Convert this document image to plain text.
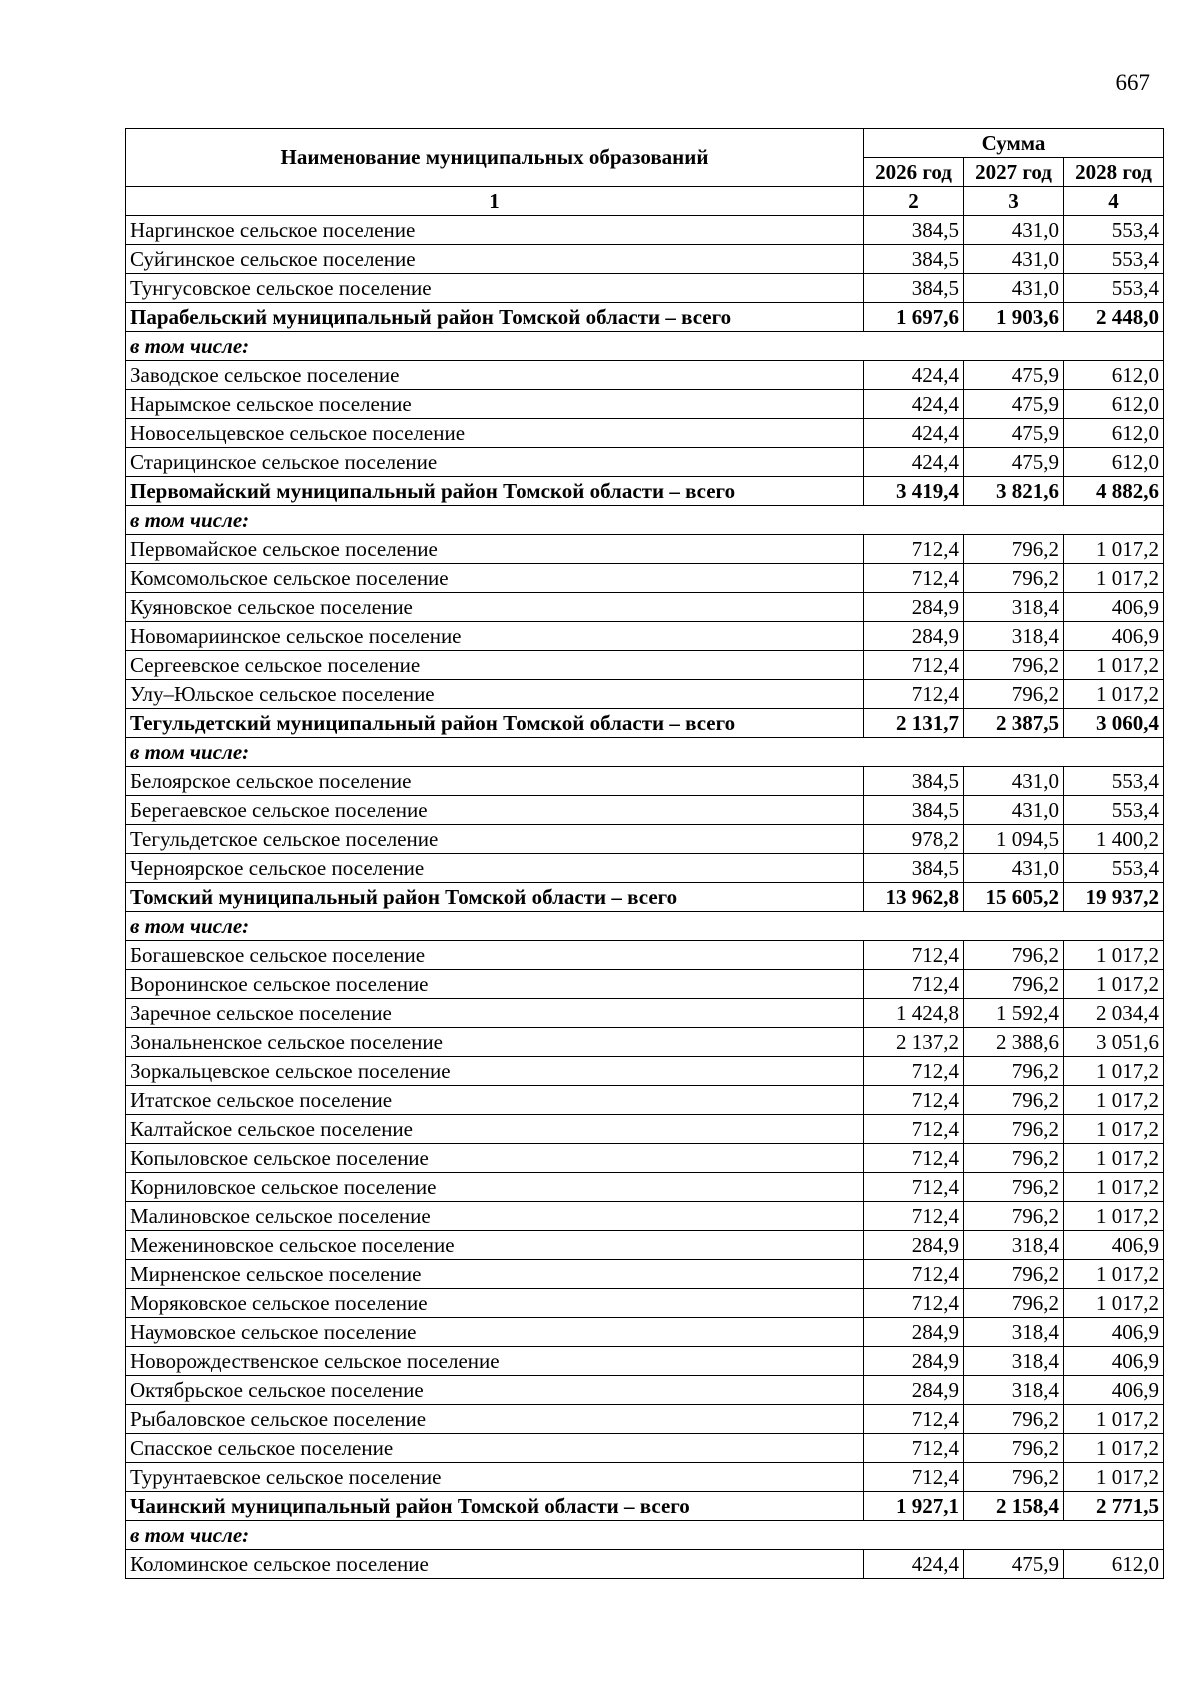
667
Наименование муниципальных образований	Сумма		
	2026 год	2027 год	2028 год
1	2	3	4
Наргинское сельское поселение	384,5	431,0	553,4
Суйгинское сельское поселение	384,5	431,0	553,4
Тунгусовское сельское поселение	384,5	431,0	553,4
Парабельский муниципальный район Томской области – всего	1 697,6	1 903,6	2 448,0
в том числе:			
Заводское сельское поселение	424,4	475,9	612,0
Нарымское сельское поселение	424,4	475,9	612,0
Новосельцевское сельское поселение	424,4	475,9	612,0
Старицинское сельское поселение	424,4	475,9	612,0
Первомайский муниципальный район Томской области – всего	3 419,4	3 821,6	4 882,6
в том числе:			
Первомайское сельское поселение	712,4	796,2	1 017,2
Комсомольское сельское поселение	712,4	796,2	1 017,2
Куяновское сельское поселение	284,9	318,4	406,9
Новомариинское сельское поселение	284,9	318,4	406,9
Сергеевское сельское поселение	712,4	796,2	1 017,2
Улу–Юльское сельское поселение	712,4	796,2	1 017,2
Тегульдетский муниципальный район Томской области – всего	2 131,7	2 387,5	3 060,4
в том числе:			
Белоярское сельское поселение	384,5	431,0	553,4
Берегаевское сельское поселение	384,5	431,0	553,4
Тегульдетское сельское поселение	978,2	1 094,5	1 400,2
Черноярское сельское поселение	384,5	431,0	553,4
Томский муниципальный район Томской области – всего	13 962,8	15 605,2	19 937,2
в том числе:			
Богашевское сельское поселение	712,4	796,2	1 017,2
Воронинское сельское поселение	712,4	796,2	1 017,2
Заречное сельское поселение	1 424,8	1 592,4	2 034,4
Зональненское сельское поселение	2 137,2	2 388,6	3 051,6
Зоркальцевское сельское поселение	712,4	796,2	1 017,2
Итатское сельское поселение	712,4	796,2	1 017,2
Калтайское сельское поселение	712,4	796,2	1 017,2
Копыловское сельское поселение	712,4	796,2	1 017,2
Корниловское сельское поселение	712,4	796,2	1 017,2
Малиновское сельское поселение	712,4	796,2	1 017,2
Межениновское сельское поселение	284,9	318,4	406,9
Мирненское сельское поселение	712,4	796,2	1 017,2
Моряковское сельское поселение	712,4	796,2	1 017,2
Наумовское сельское поселение	284,9	318,4	406,9
Новорождественское сельское поселение	284,9	318,4	406,9
Октябрьское сельское поселение	284,9	318,4	406,9
Рыбаловское сельское поселение	712,4	796,2	1 017,2
Спасское сельское поселение	712,4	796,2	1 017,2
Турунтаевское сельское поселение	712,4	796,2	1 017,2
Чаинский муниципальный район Томской области – всего	1 927,1	2 158,4	2 771,5
в том числе:			
Коломинское сельское поселение	424,4	475,9	612,0
